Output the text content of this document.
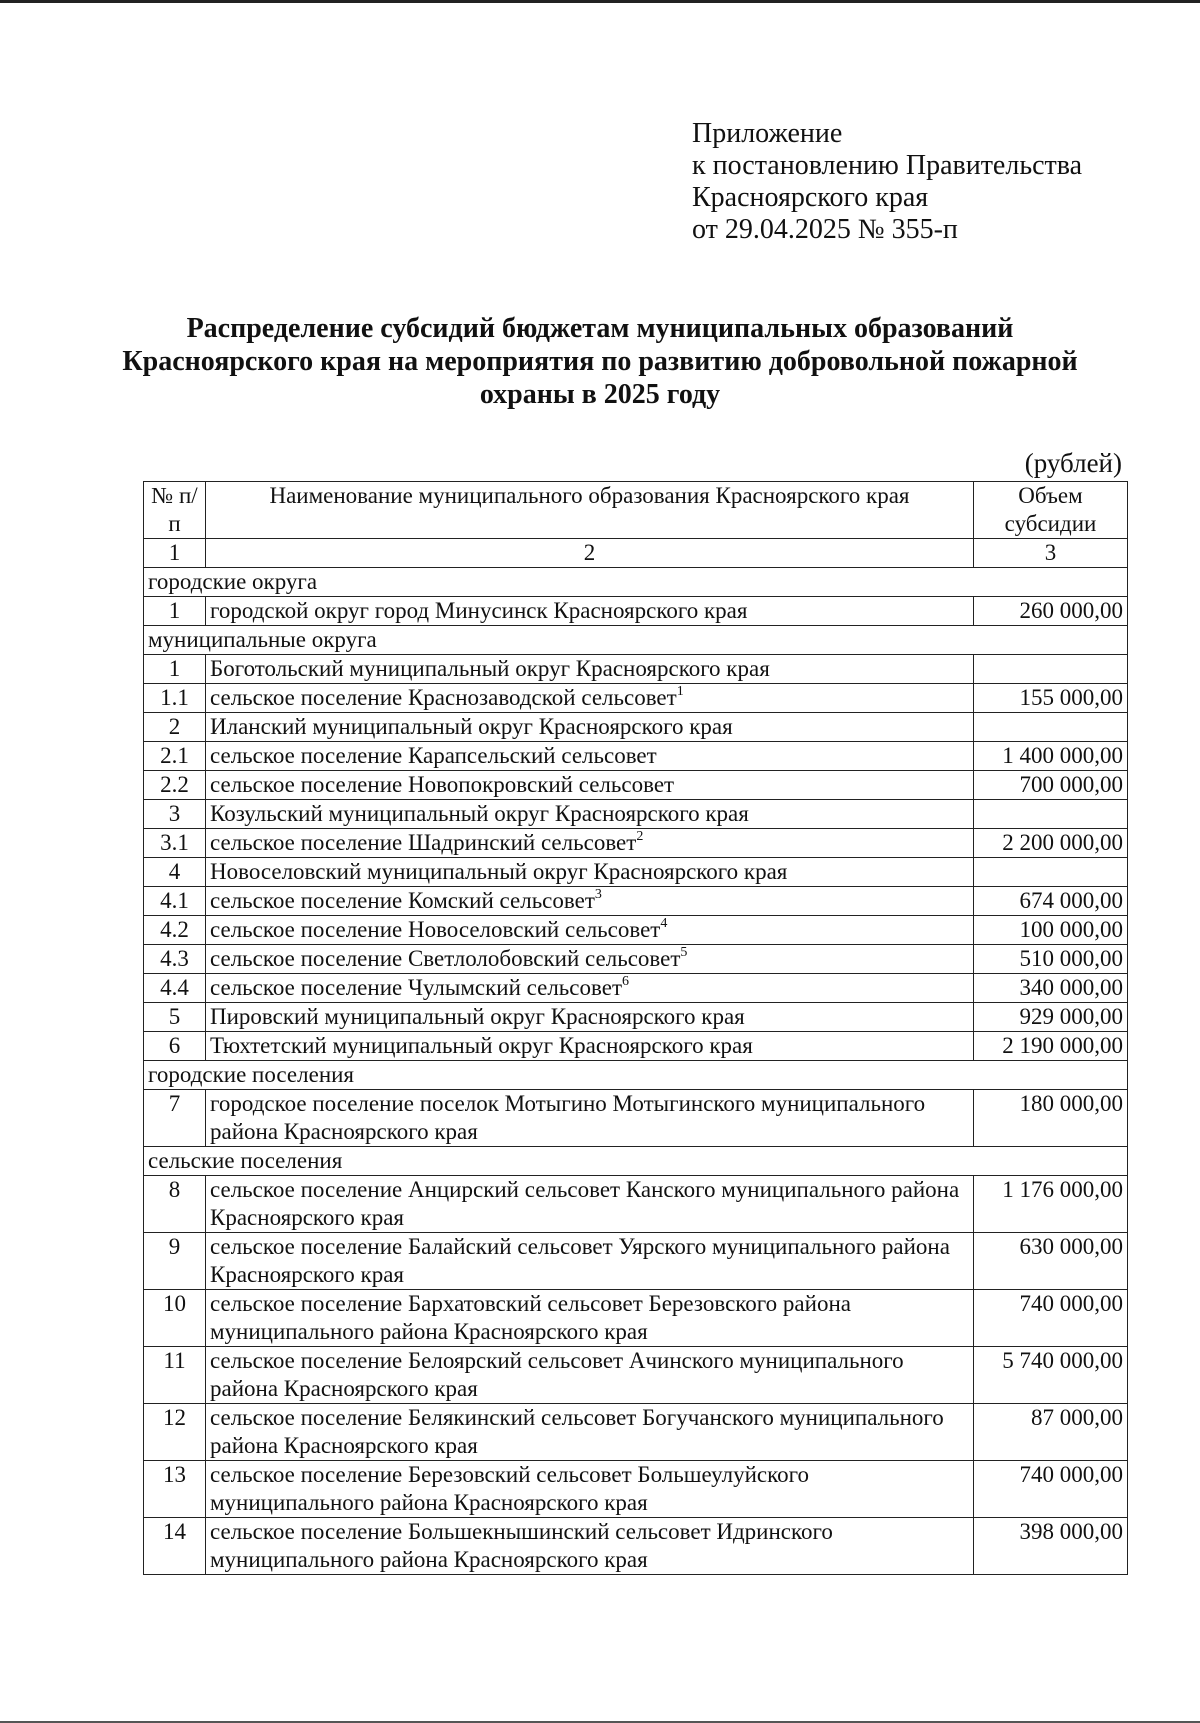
Приложение
к постановлению Правительства
Красноярского края
от 29.04.2025 № 355-п
Распределение субсидий бюджетам муниципальных образований
Красноярского края на мероприятия по развитию добровольной пожарной
охраны в 2025 году
(рублей)
№ п/п	Наименование муниципального образования Красноярского края	Объем субсидии
1	2	3
городские округа		
1	городской округ город Минусинск Красноярского края	260 000,00
муниципальные округа		
1	Боготольский муниципальный округ Красноярского края	
1.1	сельское поселение Краснозаводской сельсовет$^1$	155 000,00
2	Иланский муниципальный округ Красноярского края	
2.1	сельское поселение Карапсельский сельсовет	1 400 000,00
2.2	сельское поселение Новопокровский сельсовет	700 000,00
3	Козульский муниципальный округ Красноярского края	
3.1	сельское поселение Шадринский сельсовет$^2$	2 200 000,00
4	Новоселовский муниципальный округ Красноярского края	
4.1	сельское поселение Комский сельсовет$^3$	674 000,00
4.2	сельское поселение Новоселовский сельсовет$^4$	100 000,00
4.3	сельское поселение Светлолобовский сельсовет$^5$	510 000,00
4.4	сельское поселение Чулымский сельсовет$^6$	340 000,00
5	Пировский муниципальный округ Красноярского края	929 000,00
6	Тюхтетский муниципальный округ Красноярского края	2 190 000,00
городские поселения		
7	городское поселение поселок Мотыгино Мотыгинского муниципального района Красноярского края	180 000,00
сельские поселения		
8	сельское поселение Анцирский сельсовет Канского муниципального района Красноярского края	1 176 000,00
9	сельское поселение Балайский сельсовет Уярского муниципального района Красноярского края	630 000,00
10	сельское поселение Бархатовский сельсовет Березовского района муниципального района Красноярского края	740 000,00
11	сельское поселение Белоярский сельсовет Ачинского муниципального района Красноярского края	5 740 000,00
12	сельское поселение Белякинский сельсовет Богучанского муниципального района Красноярского края	87 000,00
13	сельское поселение Березовский сельсовет Большеулуйского муниципального района Красноярского края	740 000,00
14	сельское поселение Большекнышинский сельсовет Идринского муниципального района Красноярского края	398 000,00
